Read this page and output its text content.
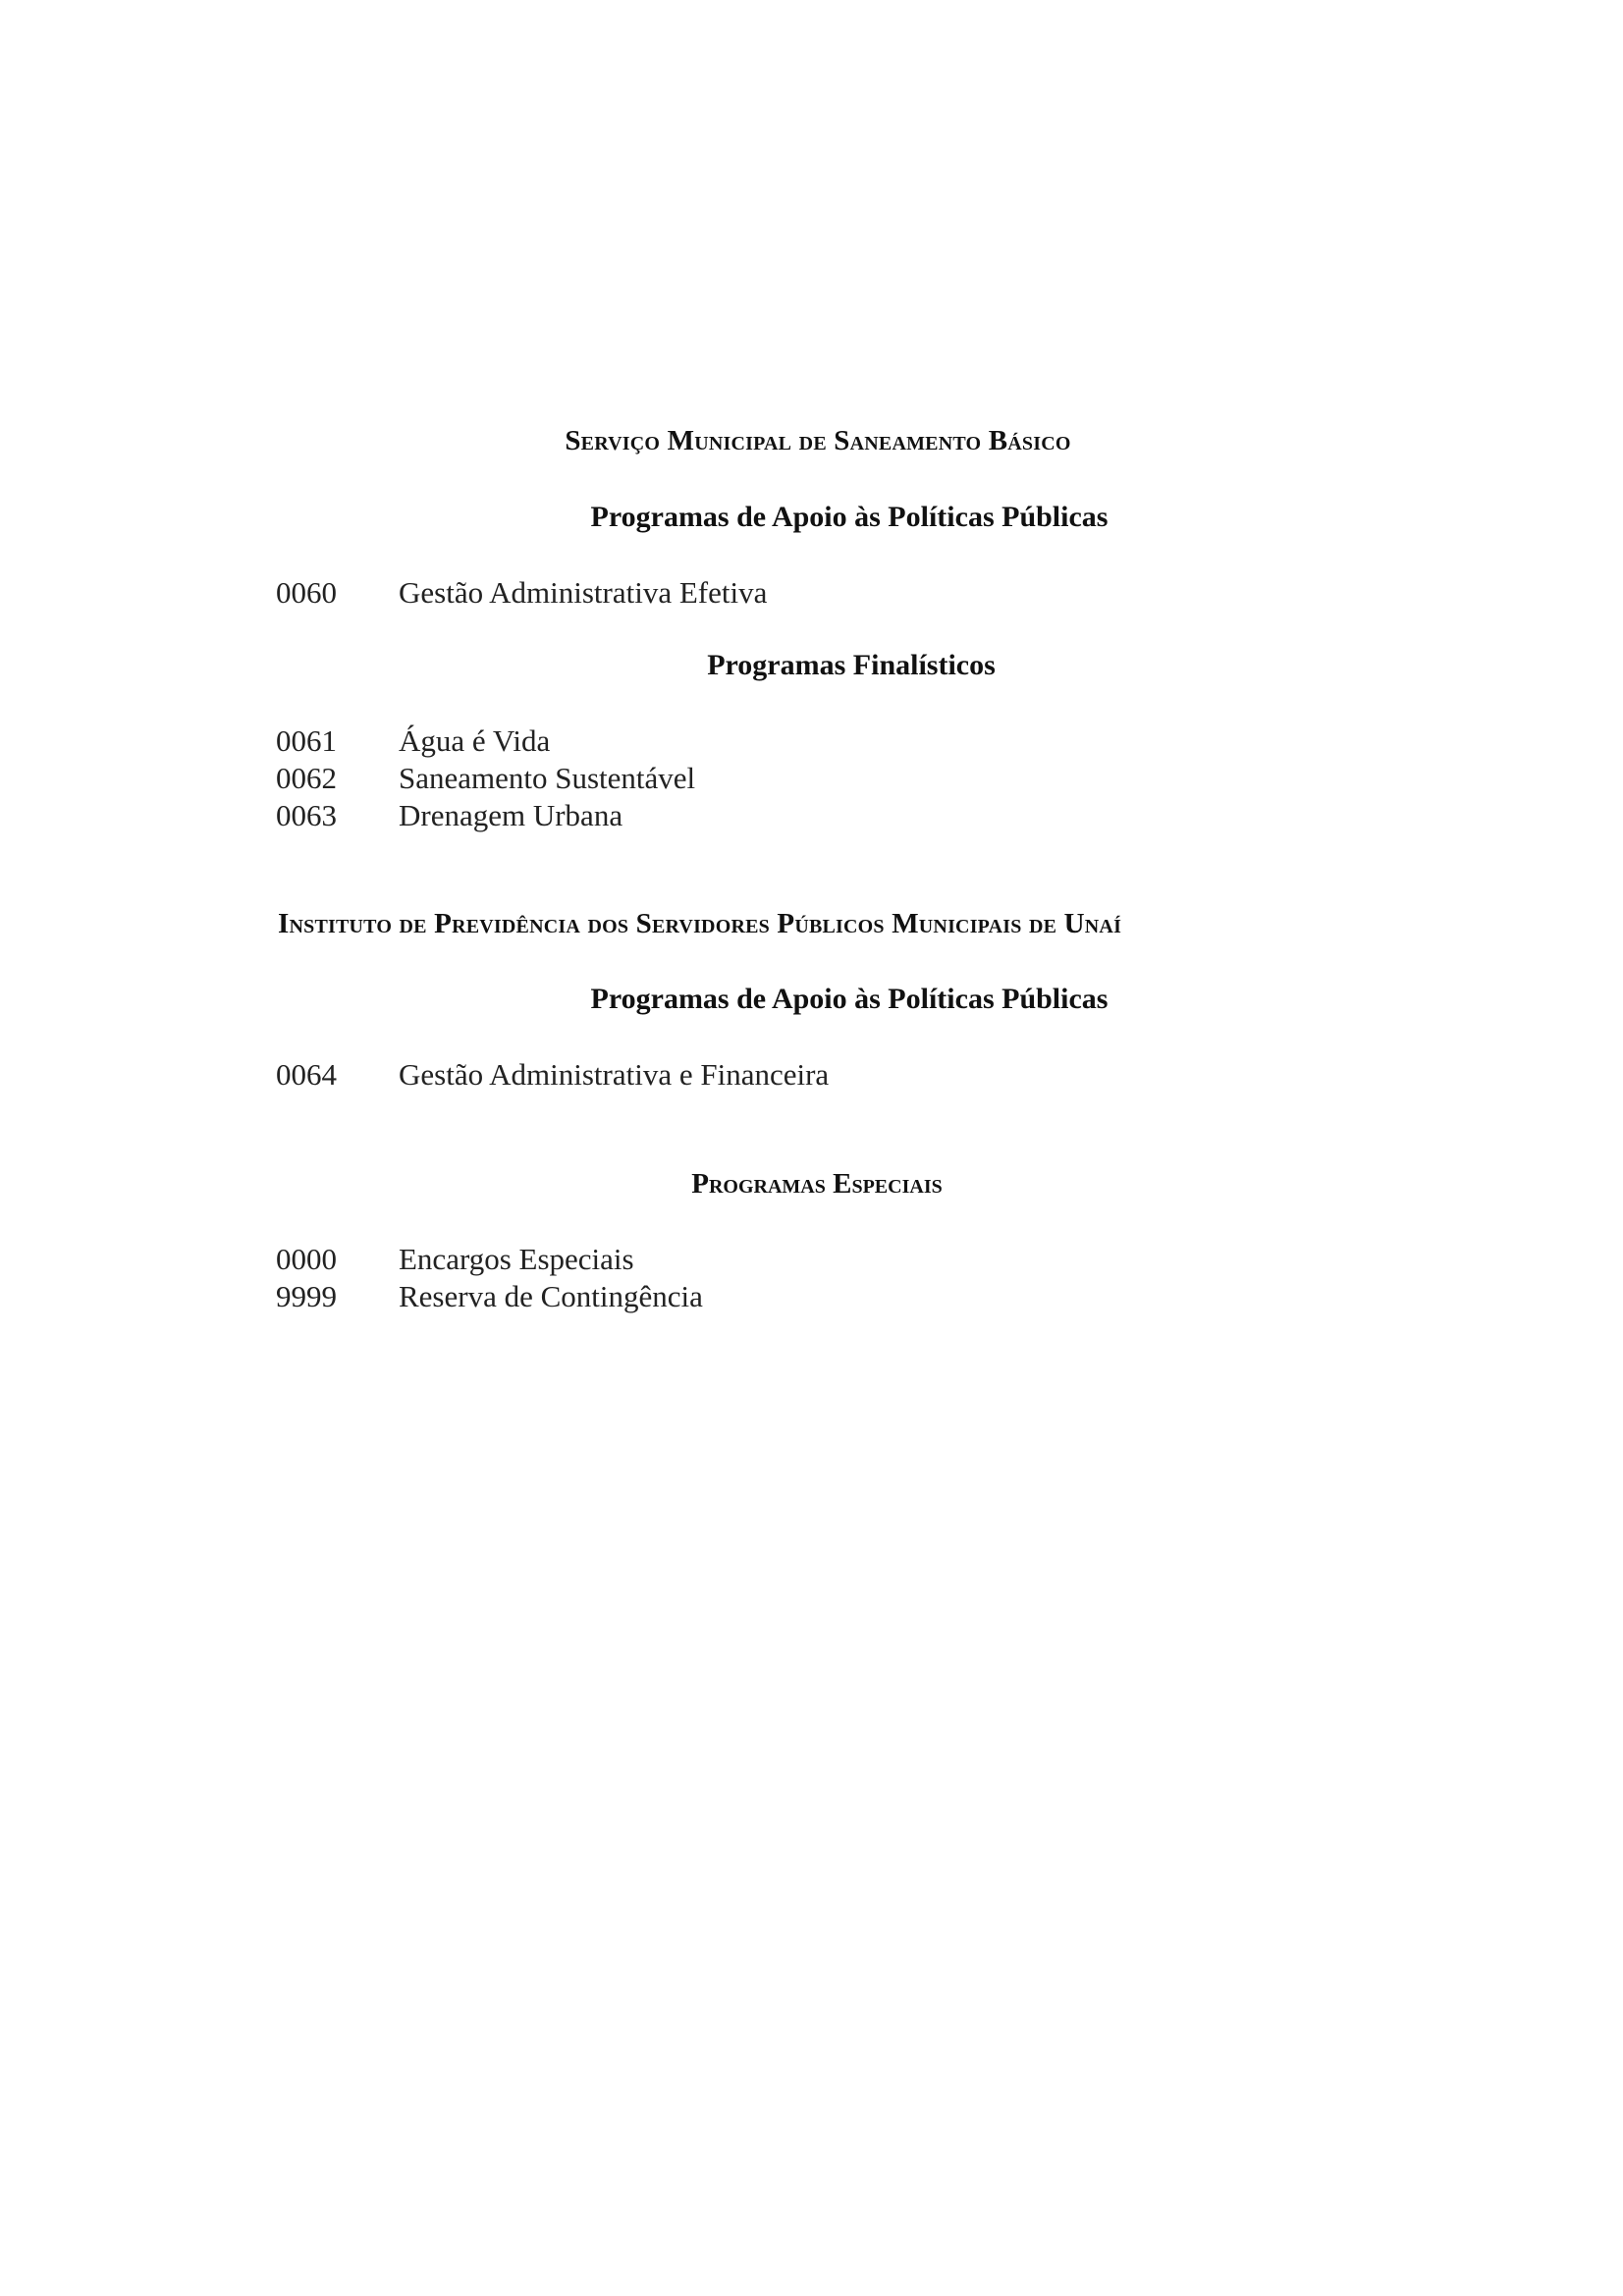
Serviço Municipal de Saneamento Básico
Programas de Apoio às Políticas Públicas
0060 Gestão Administrativa Efetiva
Programas Finalísticos
0061 Água é Vida
0062 Saneamento Sustentável
0063 Drenagem Urbana
Instituto de Previdência dos Servidores Públicos Municipais de Unaí
Programas de Apoio às Políticas Públicas
0064 Gestão Administrativa e Financeira
Programas Especiais
0000 Encargos Especiais
9999 Reserva de Contingência
